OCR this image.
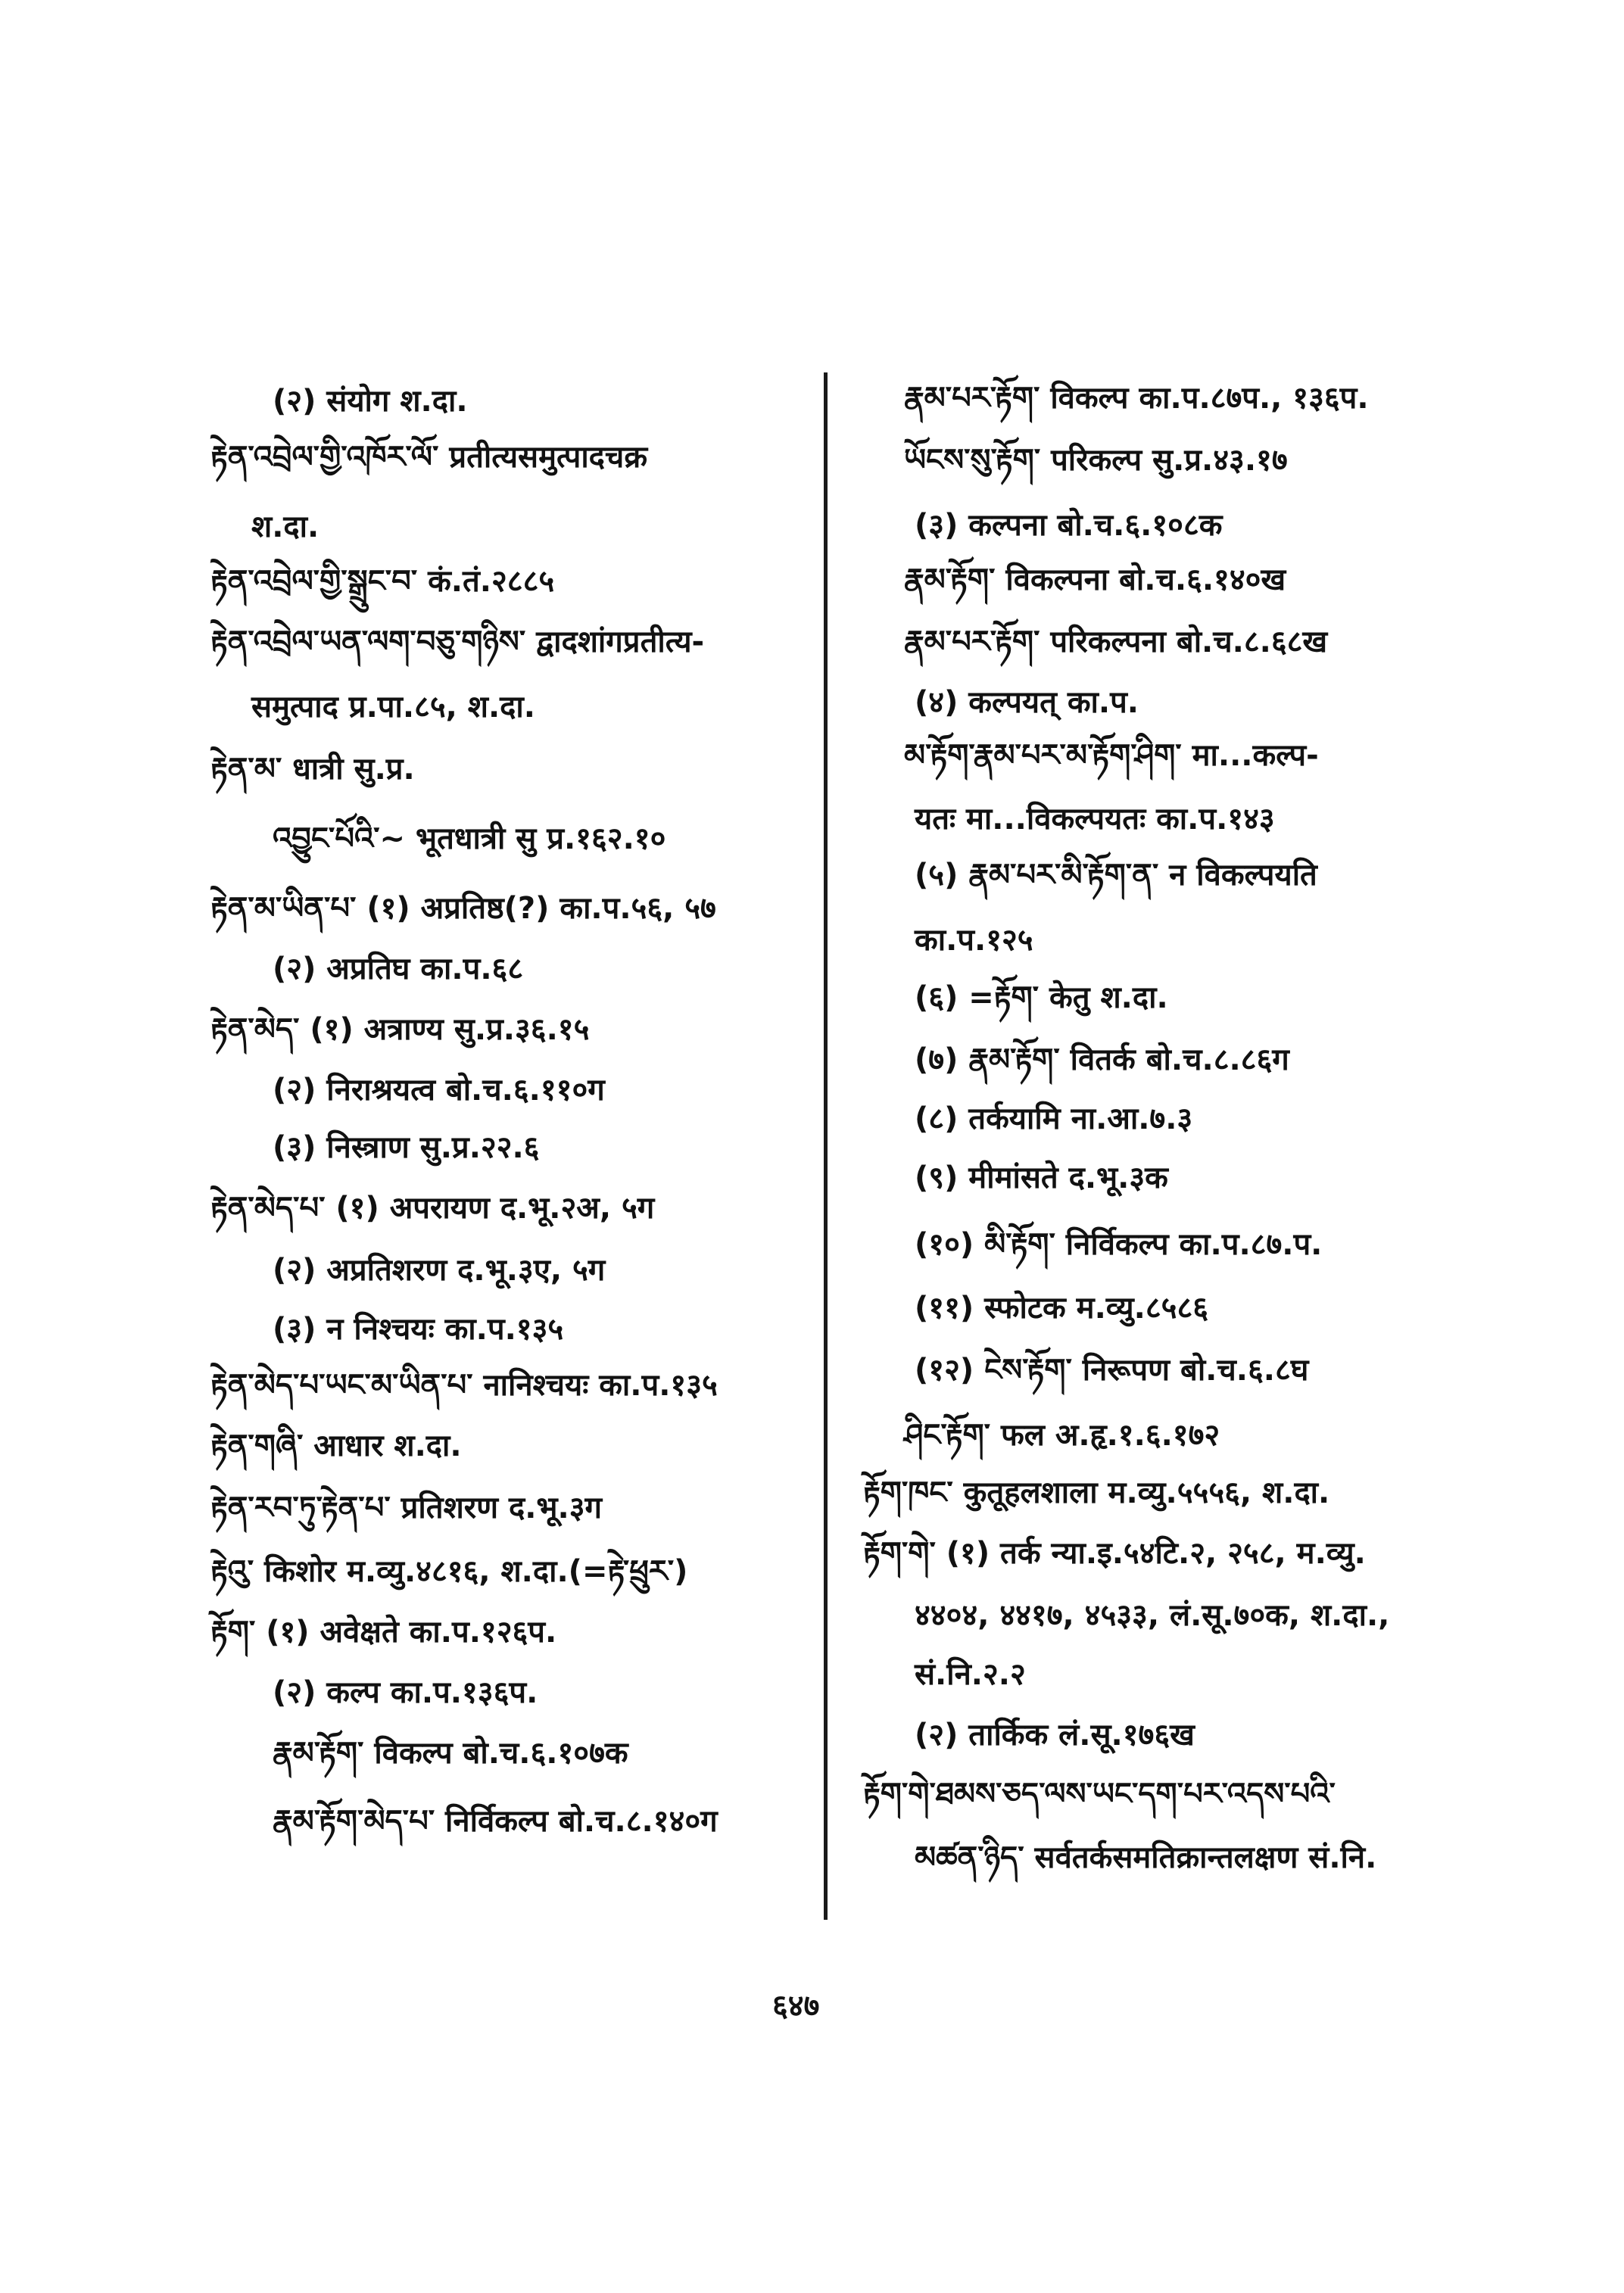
(२) संयोग श.दा.
རྟེན་འབྲེལ་གྱི་འཁོར་ལོ་ प्रतीत्यसमुत्पादचक्र
श.दा.
རྟེན་འབྲེལ་གྱི་སྒྲུང་བ་ कं.तं.२८८५
རྟེན་འབྲེལ་ཡན་ལག་བཅུ་གཉིས་ द्वादशांगप्रतीत्य-
समुत्पाद प्र.पा.८५, श.दा.
རྟེན་མ་ धात्री सु.प्र.
འབྱུང་པོའི་~ भूतधात्री सु प्र.१६२.१०
རྟེན་མ་ཡིན་པ་ (१) अप्रतिष्ठ(?) का.प.५६, ५७
(२) अप्रतिघ का.प.६८
རྟེན་མེད་ (१) अत्राण्य सु.प्र.३६.१५
(२) निराश्रयत्व बो.च.६.११०ग
(३) निस्त्राण सु.प्र.२२.६
རྟེན་མེད་པ་ (१) अपरायण द.भू.२अ, ५ग
(२) अप्रतिशरण द.भू.३ए, ५ग
(३) न निश्चयः का.प.१३५
རྟེན་མེད་པ་ཡང་མ་ཡིན་པ་ नानिश्चयः का.प.१३५
རྟེན་གཞི་ आधार श.दा.
རྟེན་རབ་ཏུ་རྟེན་པ་ प्रतिशरण द.भू.३ग
རྟེའུ་ किशोर म.व्यु.४८१६, श.दा.(=རྟེ་ཕྲུར་)
རྟོག་ (१) अवेक्षते का.प.१२६प.
(२) कल्प का.प.१३६प.
རྣམ་རྟོག་ विकल्प बो.च.६.१०७क
རྣམ་རྟོག་མེད་པ་ निर्विकल्प बो.च.८.१४०ग
རྣམ་པར་རྟོག་ विकल्प का.प.८७प., १३६प.
ཡོངས་སུ་རྟོག་ परिकल्प सु.प्र.४३.१७
(३) कल्पना बो.च.६.१०८क
རྣམ་རྟོག་ विकल्पना बो.च.६.१४०ख
རྣམ་པར་རྟོག་ परिकल्पना बो.च.८.६८ख
(४) कल्पयत् का.प.
མ་རྟོག་རྣམ་པར་མ་རྟོག་ཤིག་ मा...कल्प-
यतः मा...विकल्पयतः का.प.१४३
(५) རྣམ་པར་མི་རྟོག་ན་ न विकल्पयति
का.प.१२५
(६) =རྟོག་ केतु श.दा.
(७) རྣམ་རྟོག་ वितर्क बो.च.८.८६ग
(८) तर्कयामि ना.आ.७.३
(९) मीमांसते द.भू.३क
(१०) མི་རྟོག་ निर्विकल्प का.प.८७.प.
(११) स्फोटक म.व्यु.८५८६
(१२) ངེས་རྟོག་ निरूपण बो.च.६.८घ
ཤིང་རྟོག་ फल अ.हृ.१.६.१७२
རྟོག་ཁང་ कुतूहलशाला म.व्यु.५५५६, श.दा.
རྟོག་གེ་ (१) तर्क न्या.इ.५४टि.२, २५८, म.व्यु.
४४०४, ४४१७, ४५३३, लं.सू.७०क, श.दा.,
सं.नि.२.२
(२) तार्किक लं.सू.१७६ख
རྟོག་གེ་ཐམས་ཅད་ལས་ཡང་དག་པར་འདས་པའི་
མཚན་ཉིད་ सर्वतर्कसमतिक्रान्तलक्षण सं.नि.
६४७
